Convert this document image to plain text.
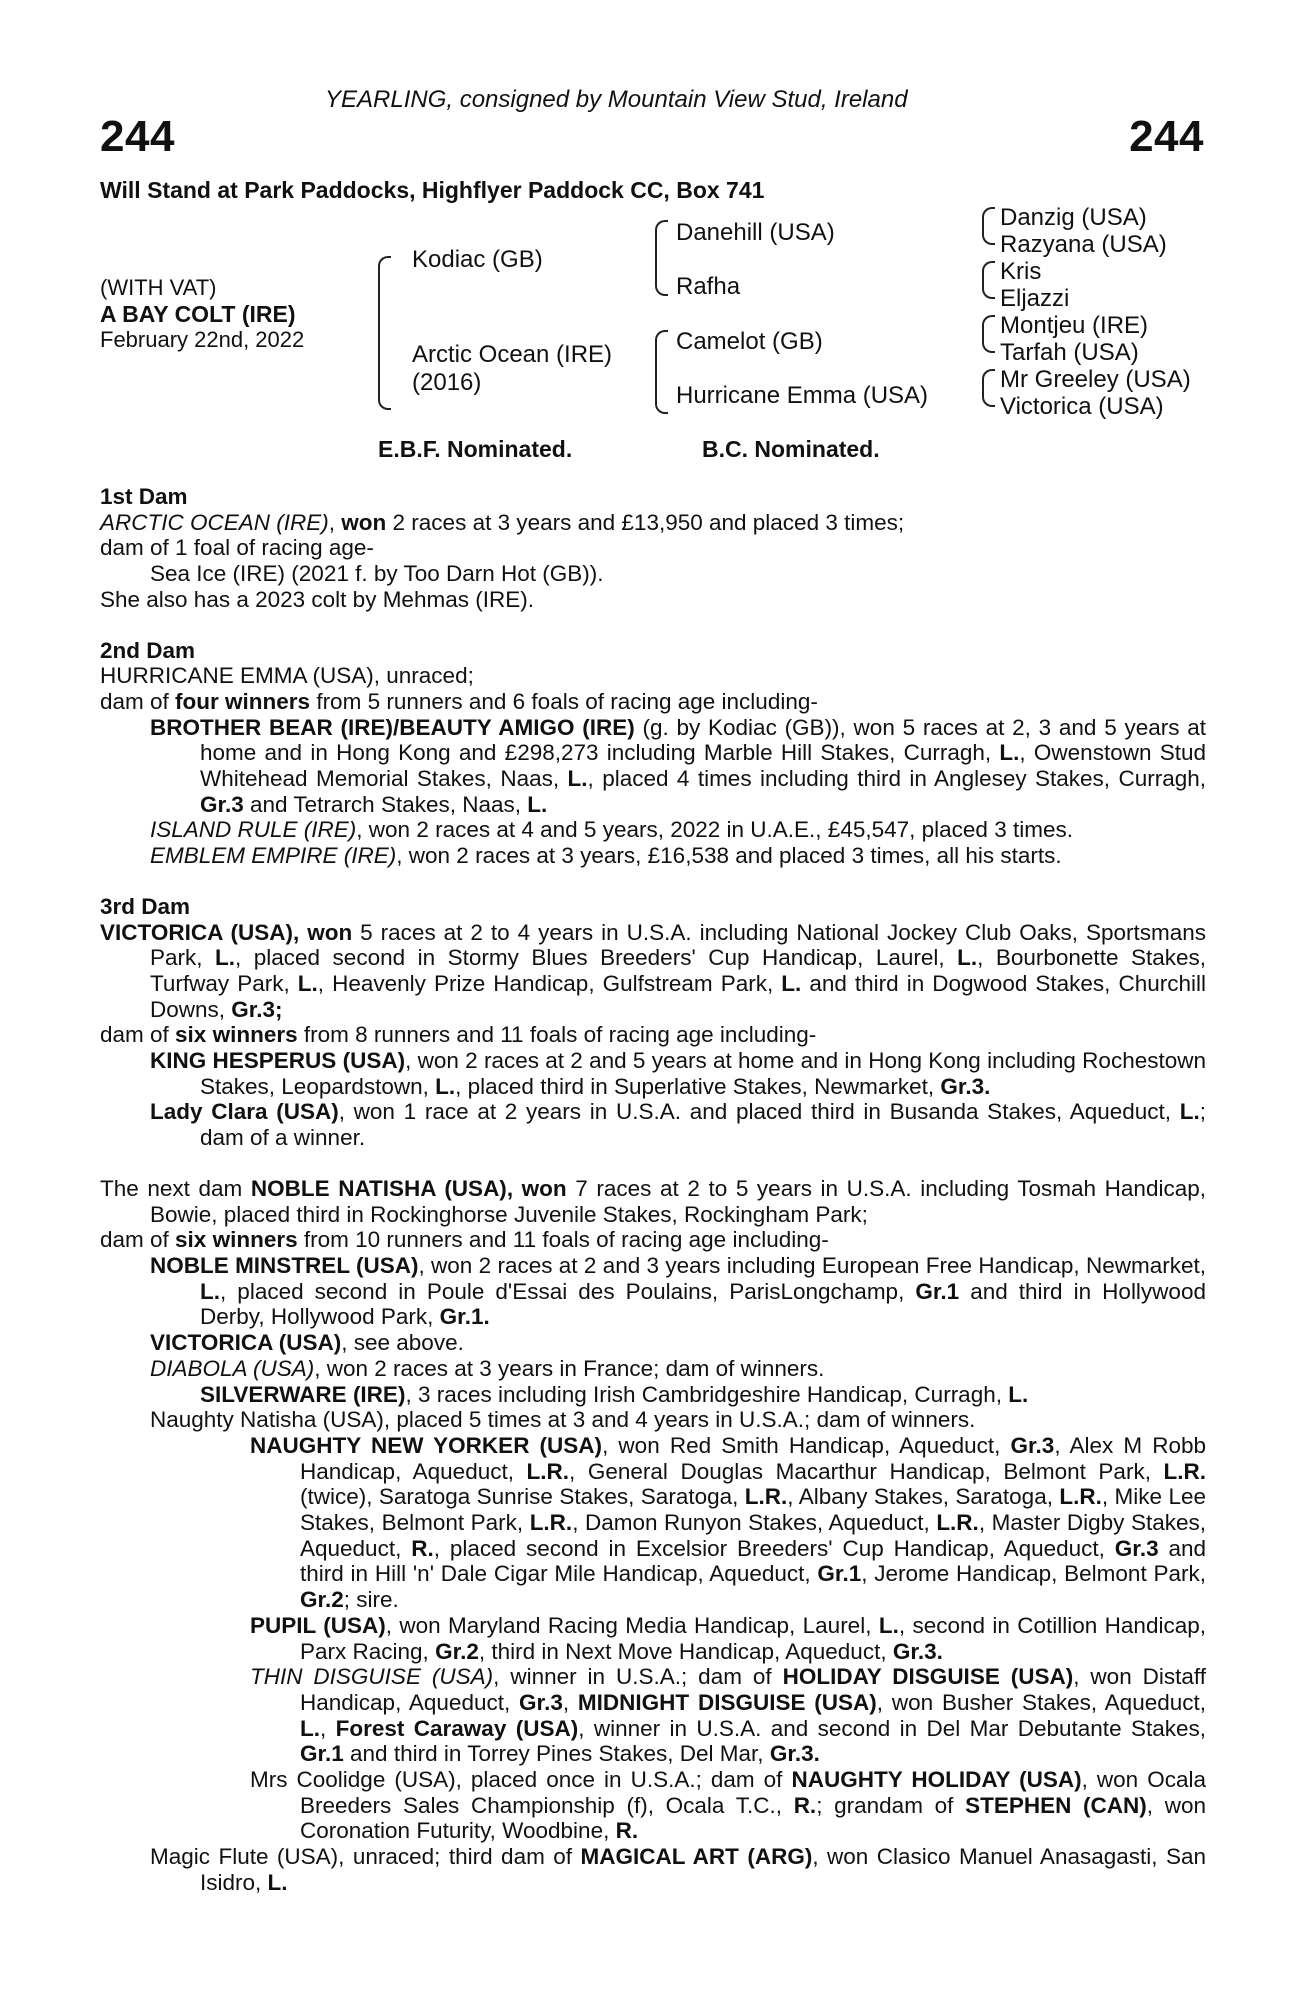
YEARLING, consigned by Mountain View Stud, Ireland
244	244
Will Stand at Park Paddocks, Highflyer Paddock CC, Box 741
(WITH VAT)
A BAY COLT (IRE)
February 22nd, 2022
Kodiac (GB)
Arctic Ocean (IRE)
(2016)
Danehill (USA)
Rafha
Camelot (GB)
Hurricane Emma (USA)
Danzig (USA)
Razyana (USA)
Kris
Eljazzi
Montjeu (IRE)
Tarfah (USA)
Mr Greeley (USA)
Victorica (USA)
E.B.F. Nominated.	B.C. Nominated.

1st Dam

ARCTIC OCEAN (IRE), won 2 races at 3 years and £13,950 and placed 3 times;

dam of 1 foal of racing age-

Sea Ice (IRE) (2021 f. by Too Darn Hot (GB)).

She also has a 2023 colt by Mehmas (IRE).

2nd Dam

HURRICANE EMMA (USA), unraced;

dam of four winners from 5 runners and 6 foals of racing age including-

BROTHER BEAR (IRE)/BEAUTY AMIGO (IRE) (g. by Kodiac (GB)), won 5 races at 2, 3 and 5 years at home and in Hong Kong and £298,273 including Marble Hill Stakes, Curragh, L., Owenstown Stud Whitehead Memorial Stakes, Naas, L., placed 4 times including third in Anglesey Stakes, Curragh, Gr.3 and Tetrarch Stakes, Naas, L.

ISLAND RULE (IRE), won 2 races at 4 and 5 years, 2022 in U.A.E., £45,547, placed 3 times.

EMBLEM EMPIRE (IRE), won 2 races at 3 years, £16,538 and placed 3 times, all his starts.

3rd Dam

VICTORICA (USA), won 5 races at 2 to 4 years in U.S.A. including National Jockey Club Oaks, Sportsmans Park, L., placed second in Stormy Blues Breeders' Cup Handicap, Laurel, L., Bourbonette Stakes, Turfway Park, L., Heavenly Prize Handicap, Gulfstream Park, L. and third in Dogwood Stakes, Churchill Downs, Gr.3;

dam of six winners from 8 runners and 11 foals of racing age including-

KING HESPERUS (USA), won 2 races at 2 and 5 years at home and in Hong Kong including Rochestown Stakes, Leopardstown, L., placed third in Superlative Stakes, Newmarket, Gr.3.

Lady Clara (USA), won 1 race at 2 years in U.S.A. and placed third in Busanda Stakes, Aqueduct, L.; dam of a winner.

The next dam NOBLE NATISHA (USA), won 7 races at 2 to 5 years in U.S.A. including Tosmah Handicap, Bowie, placed third in Rockinghorse Juvenile Stakes, Rockingham Park;

dam of six winners from 10 runners and 11 foals of racing age including-

NOBLE MINSTREL (USA), won 2 races at 2 and 3 years including European Free Handicap, Newmarket, L., placed second in Poule d'Essai des Poulains, ParisLongchamp, Gr.1 and third in Hollywood Derby, Hollywood Park, Gr.1.

VICTORICA (USA), see above.

DIABOLA (USA), won 2 races at 3 years in France; dam of winners.

SILVERWARE (IRE), 3 races including Irish Cambridgeshire Handicap, Curragh, L.

Naughty Natisha (USA), placed 5 times at 3 and 4 years in U.S.A.; dam of winners.

NAUGHTY NEW YORKER (USA), won Red Smith Handicap, Aqueduct, Gr.3, Alex M Robb Handicap, Aqueduct, L.R., General Douglas Macarthur Handicap, Belmont Park, L.R. (twice), Saratoga Sunrise Stakes, Saratoga, L.R., Albany Stakes, Saratoga, L.R., Mike Lee Stakes, Belmont Park, L.R., Damon Runyon Stakes, Aqueduct, L.R., Master Digby Stakes, Aqueduct, R., placed second in Excelsior Breeders' Cup Handicap, Aqueduct, Gr.3 and third in Hill 'n' Dale Cigar Mile Handicap, Aqueduct, Gr.1, Jerome Handicap, Belmont Park, Gr.2; sire.

PUPIL (USA), won Maryland Racing Media Handicap, Laurel, L., second in Cotillion Handicap, Parx Racing, Gr.2, third in Next Move Handicap, Aqueduct, Gr.3.

THIN DISGUISE (USA), winner in U.S.A.; dam of HOLIDAY DISGUISE (USA), won Distaff Handicap, Aqueduct, Gr.3, MIDNIGHT DISGUISE (USA), won Busher Stakes, Aqueduct, L., Forest Caraway (USA), winner in U.S.A. and second in Del Mar Debutante Stakes, Gr.1 and third in Torrey Pines Stakes, Del Mar, Gr.3.

Mrs Coolidge (USA), placed once in U.S.A.; dam of NAUGHTY HOLIDAY (USA), won Ocala Breeders Sales Championship (f), Ocala T.C., R.; grandam of STEPHEN (CAN), won Coronation Futurity, Woodbine, R.

Magic Flute (USA), unraced; third dam of MAGICAL ART (ARG), won Clasico Manuel Anasagasti, San Isidro, L.
